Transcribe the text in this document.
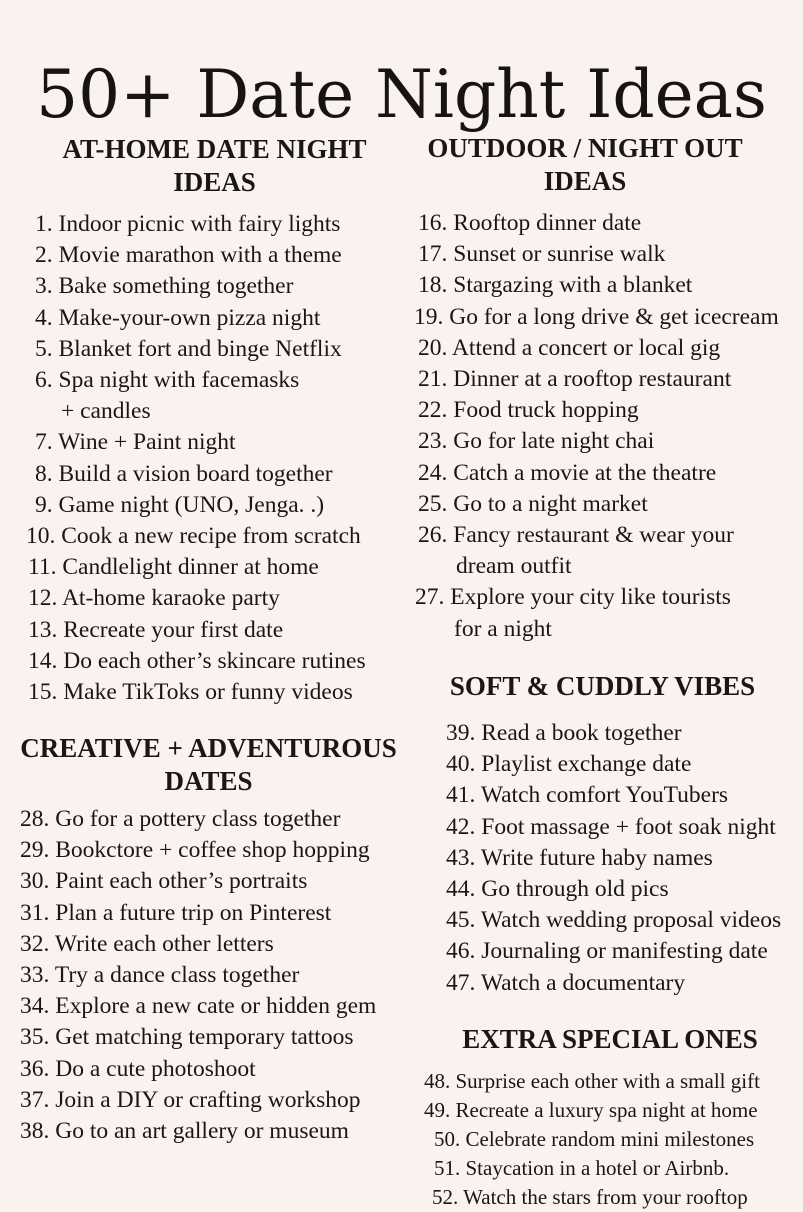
50+ Date Night Ideas
AT-HOME DATE NIGHT
IDEAS
1. Indoor picnic with fairy lights
2. Movie marathon with a theme
3. Bake something together
4. Make-your-own pizza night
5. Blanket fort and binge Netflix
6. Spa night with facemasks
+ candles
7. Wine + Paint night
8. Build a vision board together
9. Game night (UNO, Jenga. .)
10. Cook a new recipe from scratch
11. Candlelight dinner at home
12. At-home karaoke party
13. Recreate your first date
14. Do each other’s skincare rutines
15. Make TikToks or funny videos
OUTDOOR / NIGHT OUT
IDEAS
16. Rooftop dinner date
17. Sunset or sunrise walk
18. Stargazing with a blanket
19. Go for a long drive & get icecream
20. Attend a concert or local gig
21. Dinner at a rooftop restaurant
22. Food truck hopping
23. Go for late night chai
24. Catch a movie at the theatre
25. Go to a night market
26. Fancy restaurant & wear your
dream outfit
27. Explore your city like tourists
for a night
CREATIVE + ADVENTUROUS
DATES
28. Go for a pottery class together
29. Bookctore + coffee shop hopping
30. Paint each other’s portraits
31. Plan a future trip on Pinterest
32. Write each other letters
33. Try a dance class together
34. Explore a new cate or hidden gem
35. Get matching temporary tattoos
36. Do a cute photoshoot
37. Join a DIY or crafting workshop
38. Go to an art gallery or museum
SOFT & CUDDLY VIBES
39. Read a book together
40. Playlist exchange date
41. Watch comfort YouTubers
42. Foot massage + foot soak night
43. Write future haby names
44. Go through old pics
45. Watch wedding proposal videos
46. Journaling or manifesting date
47. Watch a documentary
EXTRA SPECIAL ONES
48. Surprise each other with a small gift
49. Recreate a luxury spa night at home
50. Celebrate random mini milestones
51. Staycation in a hotel or Airbnb.
52. Watch the stars from your rooftop
